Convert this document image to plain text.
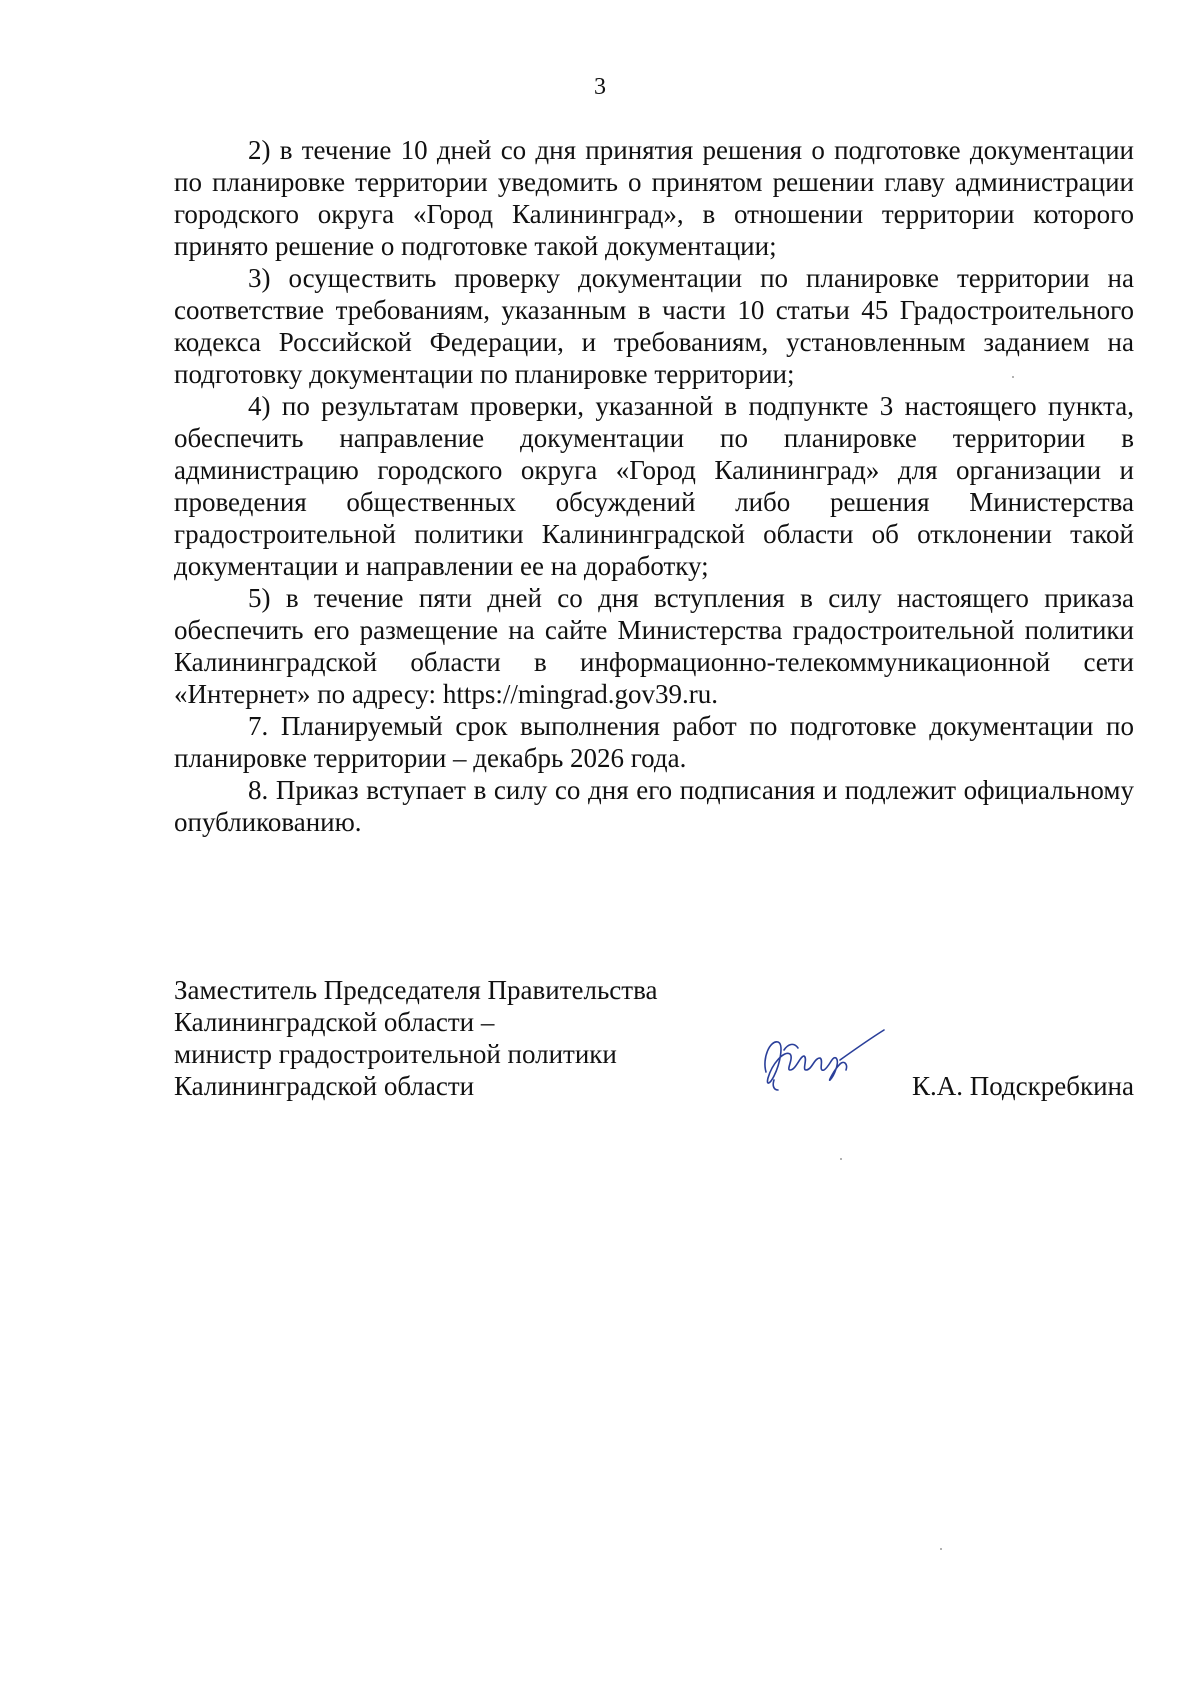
3

2) в течение 10 дней со дня принятия решения о подготовке документации по планировке территории уведомить о принятом решении главу администрации городского округа «Город Калининград», в отношении территории которого принято решение о подготовке такой документации;

3) осуществить проверку документации по планировке территории на соответствие требованиям, указанным в части 10 статьи 45 Градостроительного кодекса Российской Федерации, и требованиям, установленным заданием на подготовку документации по планировке территории;

4) по результатам проверки, указанной в подпункте 3 настоящего пункта, обеспечить направление документации по планировке территории в администрацию городского округа «Город Калининград» для организации и проведения общественных обсуждений либо решения Министерства градостроительной политики Калининградской области об отклонении такой документации и направлении ее на доработку;

5) в течение пяти дней со дня вступления в силу настоящего приказа обеспечить его размещение на сайте Министерства градостроительной политики Калининградской области в информационно-телекоммуникационной сети «Интернет» по адресу: https://mingrad.gov39.ru.

7. Планируемый срок выполнения работ по подготовке документации по планировке территории – декабрь 2026 года.

8. Приказ вступает в силу со дня его подписания и подлежит официальному опубликованию.

Заместитель Председателя Правительства
Калининградской области –
министр градостроительной политики
Калининградской области	К.А. Подскребкина
